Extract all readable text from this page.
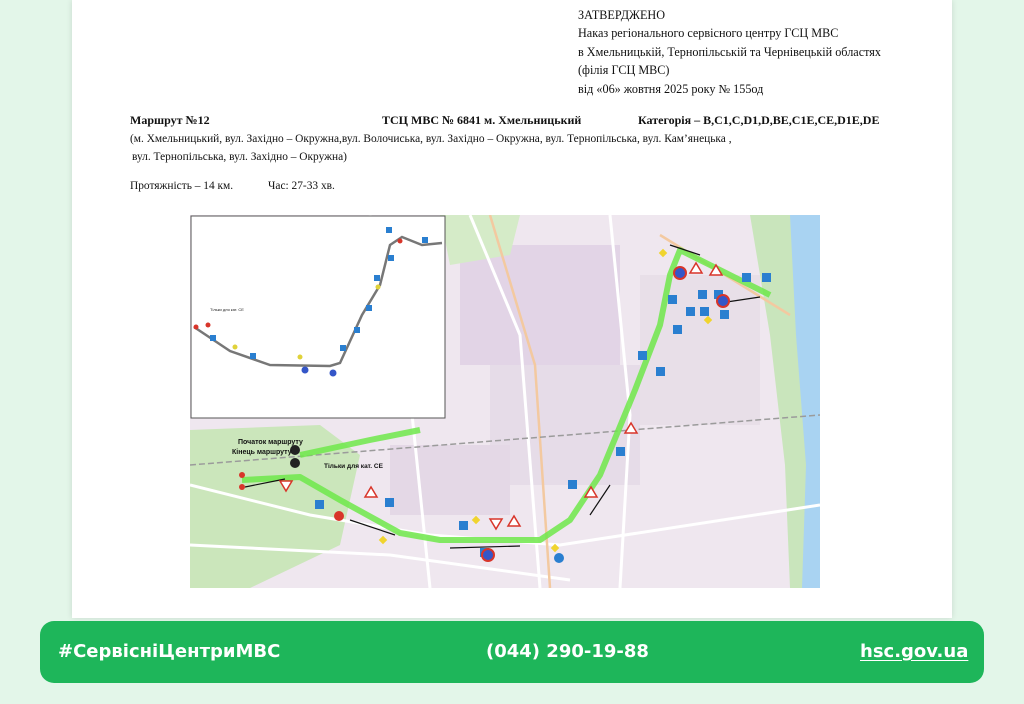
ЗАТВЕРДЖЕНО
Наказ регіонального сервісного центру ГСЦ МВС
в Хмельницькій, Тернопільській та Чернівецькій областях
(філія ГСЦ МВС)
від «06» жовтня 2025 року № 155од
Маршрут №12	ТСЦ МВС № 6841 м. Хмельницький	Категорія – B,C1,C,D1,D,BE,C1E,CE,D1E,DE
(м. Хмельницький, вул. Західно – Окружна,вул. Волочиська, вул. Західно – Окружна, вул. Тернопільська, вул. Кам’янецька ,
вул. Тернопільська, вул. Західно – Окружна)
Протяжність – 14 км.	Час: 27-33 хв.
Тільки для кат. CE
Початок маршруту
Кінець маршруту
Тільки для кат. CE
#СервісніЦентриМВС	(044) 290-19-88	hsc.gov.ua
